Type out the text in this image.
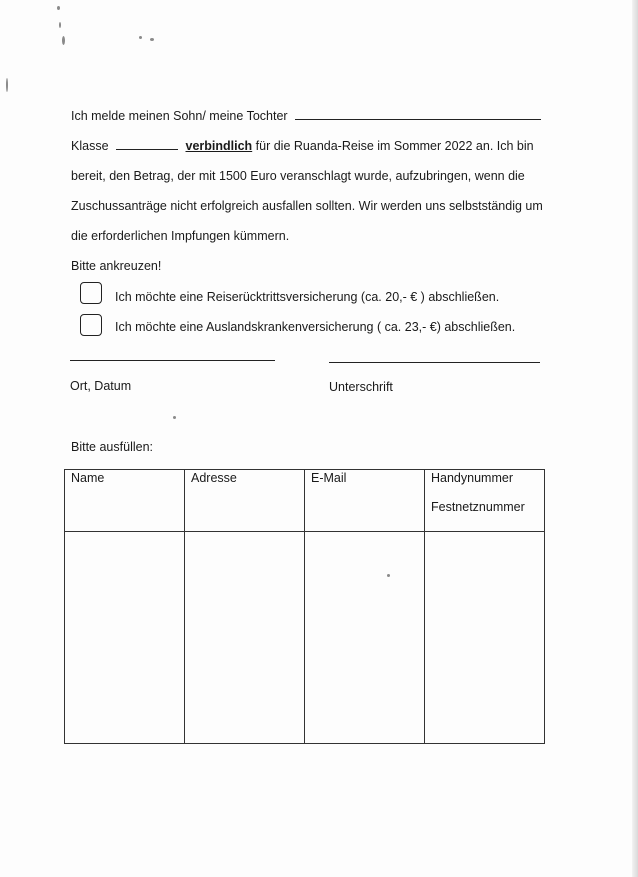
Ich melde meinen Sohn/ meine Tochter
Klasse	verbindlich für die Ruanda-Reise im Sommer 2022 an. Ich bin
bereit, den Betrag, der mit 1500 Euro veranschlagt wurde, aufzubringen, wenn die
Zuschussanträge nicht erfolgreich ausfallen sollten. Wir werden uns selbstständig um
die erforderlichen Impfungen kümmern.
Bitte ankreuzen!
Ich möchte eine Reiserücktrittsversicherung (ca. 20,- € ) abschließen.
Ich möchte eine Auslandskrankenversicherung ( ca. 23,- €) abschließen.
Ort, Datum	Unterschrift
Bitte ausfüllen:
Name	Adresse	E-Mail	Handynummer
Festnetznummer
